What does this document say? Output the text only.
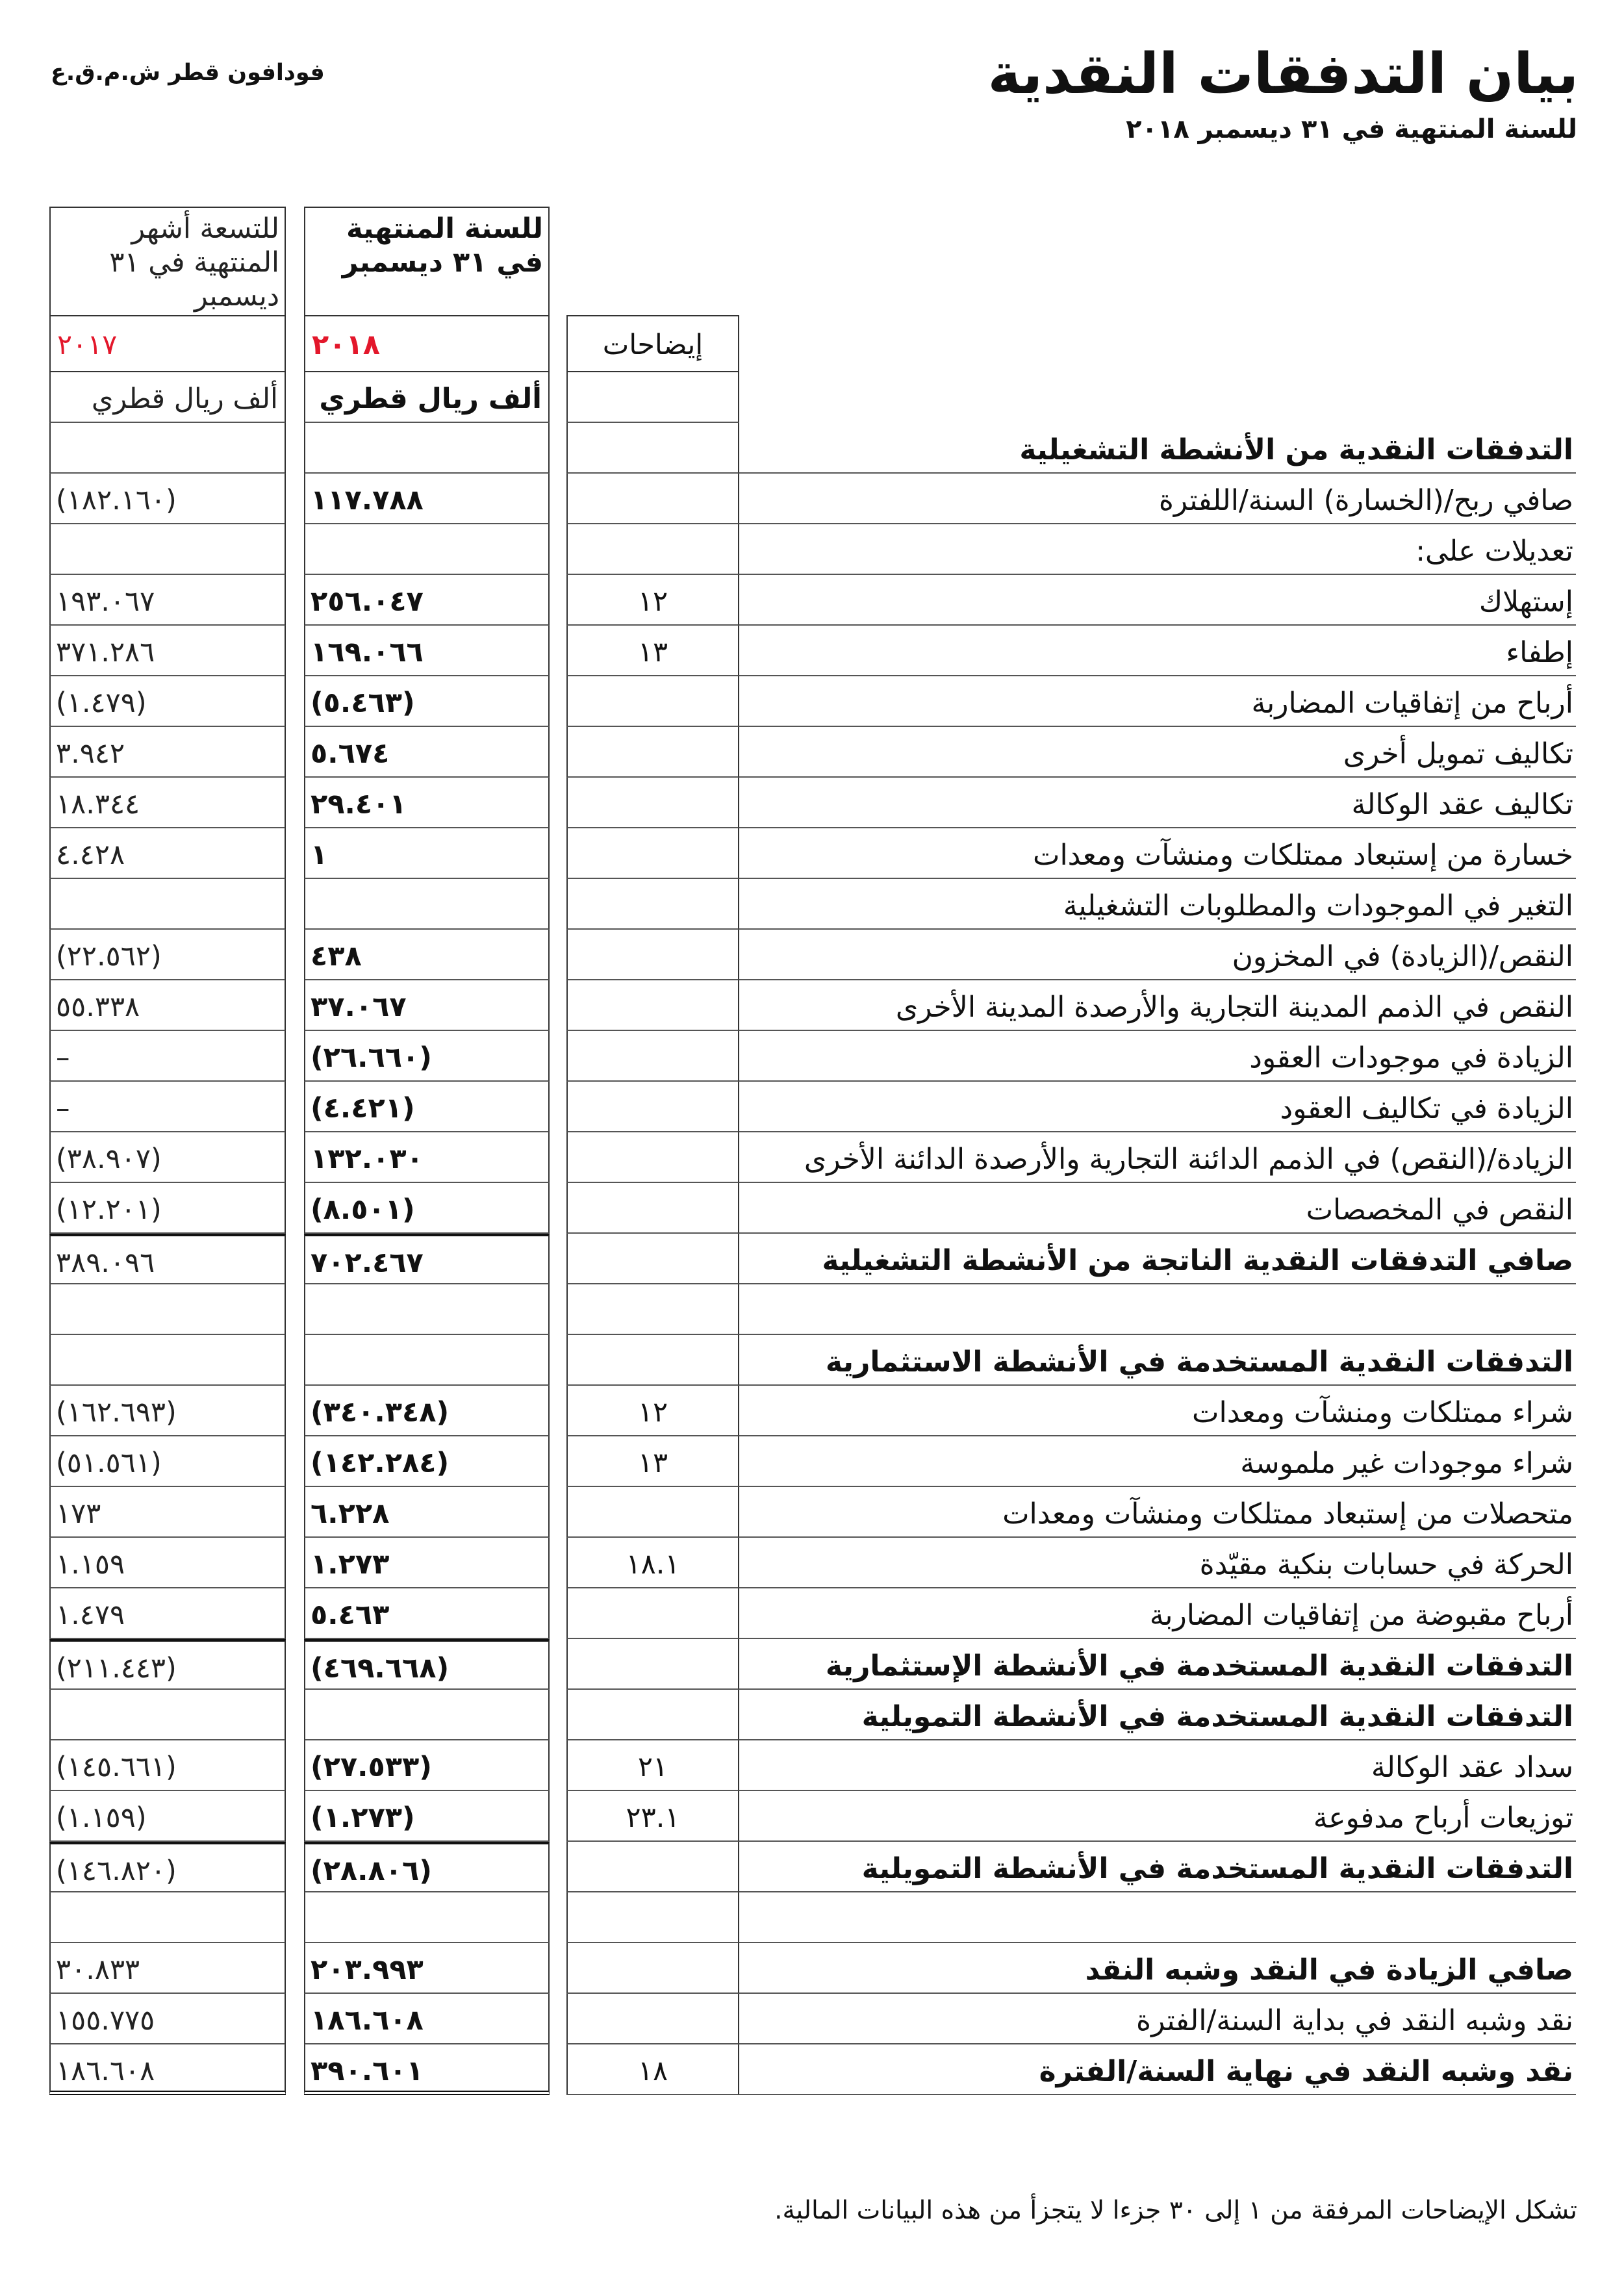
بيان التدفقات النقدية
للسنة المنتهية في ٣١ ديسمبر ٢٠١٨
فودافون قطر ش.م.ق.ع
للتسعة أشهر المنتهية في ٣١ ديسمبر
للسنة المنتهية في ٣١ ديسمبر
٢٠١٧	٢٠١٨	إيضاحات
ألف ريال قطري	ألف ريال قطري
التدفقات النقدية من الأنشطة التشغيلية
(١٨٢.١٦٠)	١١٧.٧٨٨	صافي ربح/(الخسارة) السنة/اللفترة
تعديلات على:
١٩٣.٠٦٧	٢٥٦.٠٤٧	١٢	إستهلاك
٣٧١.٢٨٦	١٦٩.٠٦٦	١٣	إطفاء
(١.٤٧٩)	(٥.٤٦٣)	أرباح من إتفاقيات المضاربة
٣.٩٤٢	٥.٦٧٤	تكاليف تمويل أخرى
١٨.٣٤٤	٢٩.٤٠١	تكاليف عقد الوكالة
٤.٤٢٨	١	خسارة من إستبعاد ممتلكات ومنشآت ومعدات
التغير في الموجودات والمطلوبات التشغيلية
(٢٢.٥٦٢)	٤٣٨	النقص/(الزيادة) في المخزون
٥٥.٣٣٨	٣٧.٠٦٧	النقص في الذمم المدينة التجارية والأرصدة المدينة الأخرى
–	(٢٦.٦٦٠)	الزيادة في موجودات العقود
–	(٤.٤٢١)	الزيادة في تكاليف العقود
(٣٨.٩٠٧)	١٣٢.٠٣٠	الزيادة/(النقص) في الذمم الدائنة التجارية والأرصدة الدائنة الأخرى
(١٢.٢٠١)	(٨.٥٠١)	النقص في المخصصات
٣٨٩.٠٩٦	٧٠٢.٤٦٧	صافي التدفقات النقدية الناتجة من الأنشطة التشغيلية
التدفقات النقدية المستخدمة في الأنشطة الاستثمارية
(١٦٢.٦٩٣)	(٣٤٠.٣٤٨)	١٢	شراء ممتلكات ومنشآت ومعدات
(٥١.٥٦١)	(١٤٢.٢٨٤)	١٣	شراء موجودات غير ملموسة
١٧٣	٦.٢٢٨	متحصلات من إستبعاد ممتلكات ومنشآت ومعدات
١.١٥٩	١.٢٧٣	١٨.١	الحركة في حسابات بنكية مقيّدة
١.٤٧٩	٥.٤٦٣	أرباح مقبوضة من إتفاقيات المضاربة
(٢١١.٤٤٣)	(٤٦٩.٦٦٨)	التدفقات النقدية المستخدمة في الأنشطة الإستثمارية
التدفقات النقدية المستخدمة في الأنشطة التمويلية
(١٤٥.٦٦١)	(٢٧.٥٣٣)	٢١	سداد عقد الوكالة
(١.١٥٩)	(١.٢٧٣)	٢٣.١	توزيعات أرباح مدفوعة
(١٤٦.٨٢٠)	(٢٨.٨٠٦)	التدفقات النقدية المستخدمة في الأنشطة التمويلية
٣٠.٨٣٣	٢٠٣.٩٩٣	صافي الزيادة في النقد وشبه النقد
١٥٥.٧٧٥	١٨٦.٦٠٨	نقد وشبه النقد في بداية السنة/الفترة
١٨٦.٦٠٨	٣٩٠.٦٠١	١٨	نقد وشبه النقد في نهاية السنة/الفترة
تشكل الإيضاحات المرفقة من ١ إلى ٣٠ جزءا لا يتجزأ من هذه البيانات المالية.
